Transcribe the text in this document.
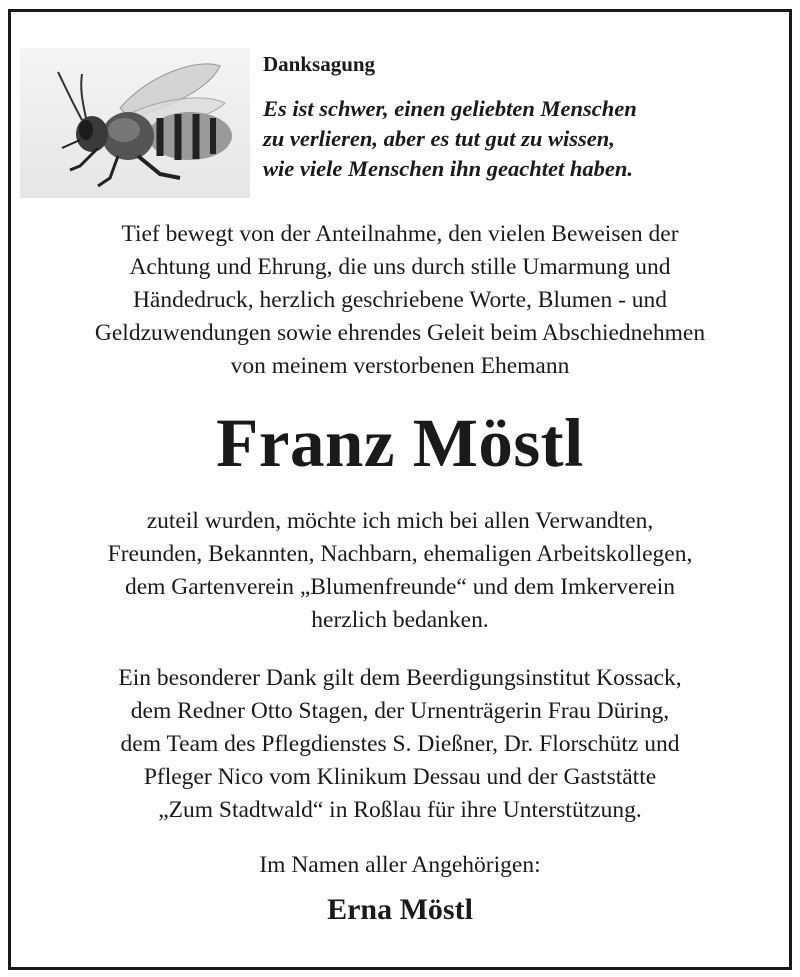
Danksagung
Es ist schwer, einen geliebten Menschen
zu verlieren, aber es tut gut zu wissen,
wie viele Menschen ihn geachtet haben.
Tief bewegt von der Anteilnahme, den vielen Beweisen der
Achtung und Ehrung, die uns durch stille Umarmung und
Händedruck, herzlich geschriebene Worte, Blumen - und
Geldzuwendungen sowie ehrendes Geleit beim Abschiednehmen
von meinem verstorbenen Ehemann
Franz Möstl
zuteil wurden, möchte ich mich bei allen Verwandten,
Freunden, Bekannten, Nachbarn, ehemaligen Arbeitskollegen,
dem Gartenverein „Blumenfreunde“ und dem Imkerverein
herzlich bedanken.
Ein besonderer Dank gilt dem Beerdigungsinstitut Kossack,
dem Redner Otto Stagen, der Urnenträgerin Frau Düring,
dem Team des Pflegdienstes S. Dießner, Dr. Florschütz und
Pfleger Nico vom Klinikum Dessau und der Gaststätte
„Zum Stadtwald“ in Roßlau für ihre Unterstützung.
Im Namen aller Angehörigen:
Erna Möstl
